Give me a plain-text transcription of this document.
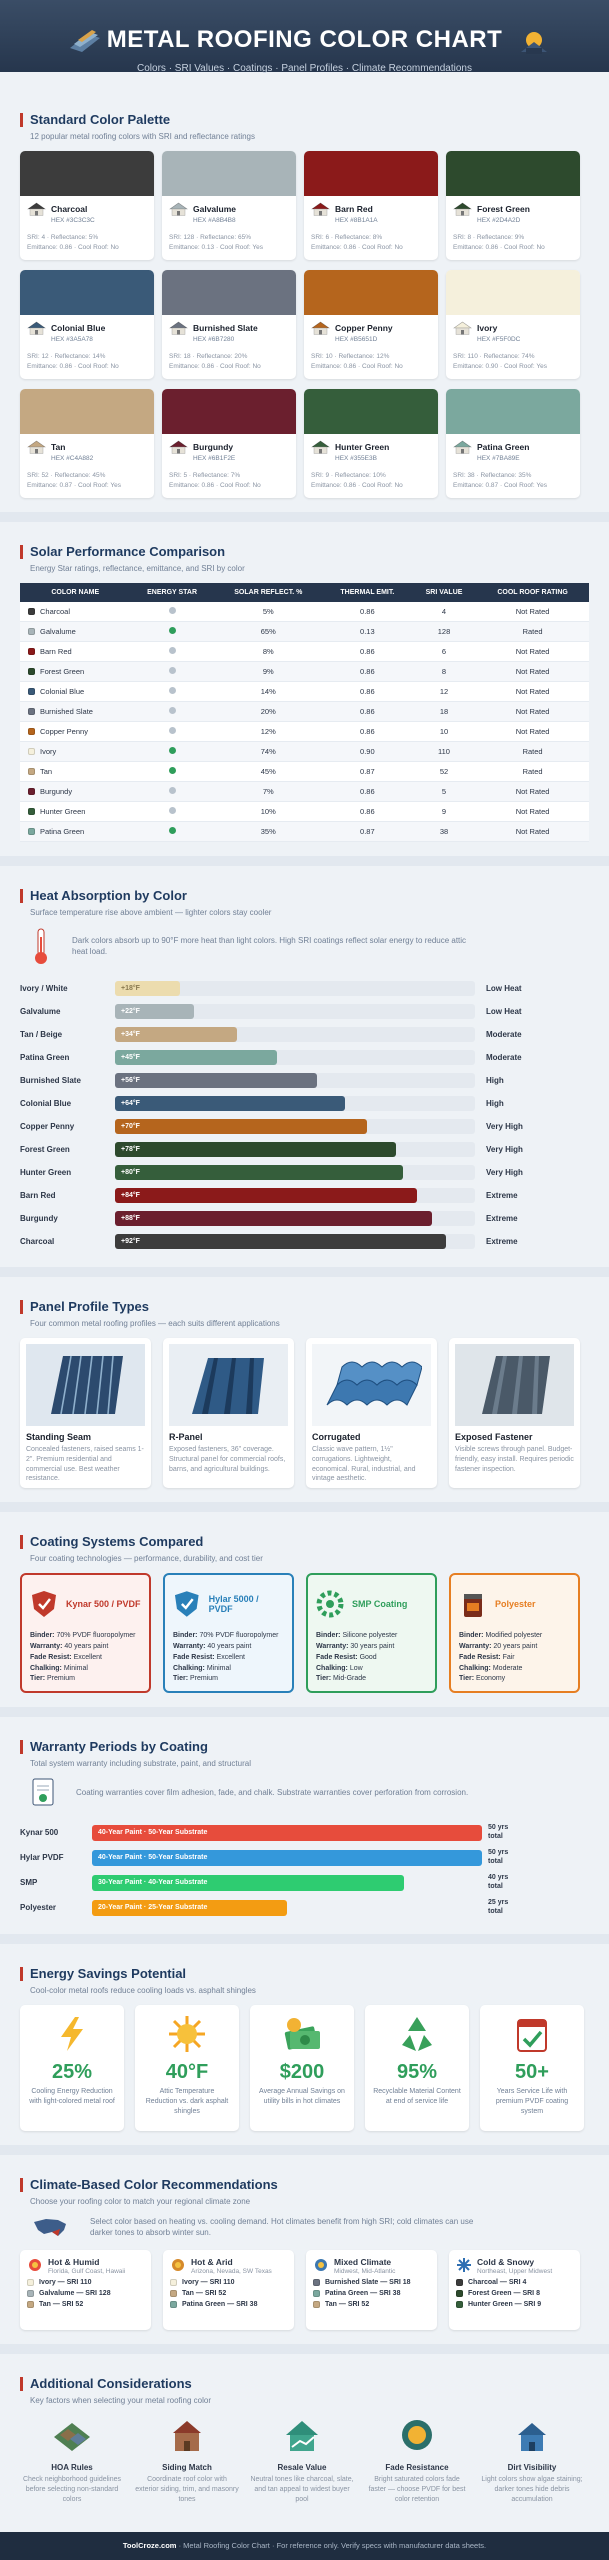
METAL ROOFING COLOR CHART
Colors · SRI Values · Coatings · Panel Profiles · Climate Recommendations
Standard Color Palette
12 popular metal roofing colors with SRI and reflectance ratings
Charcoal
HEX #3C3C3C
SRI: 4 · Reflectance: 5%
Emittance: 0.86 · Cool Roof: No
Galvalume
HEX #A8B4B8
SRI: 128 · Reflectance: 65%
Emittance: 0.13 · Cool Roof: Yes
Barn Red
HEX #8B1A1A
SRI: 6 · Reflectance: 8%
Emittance: 0.86 · Cool Roof: No
Forest Green
HEX #2D4A2D
SRI: 8 · Reflectance: 9%
Emittance: 0.86 · Cool Roof: No
Colonial Blue
HEX #3A5A78
SRI: 12 · Reflectance: 14%
Emittance: 0.86 · Cool Roof: No
Burnished Slate
HEX #6B7280
SRI: 18 · Reflectance: 20%
Emittance: 0.86 · Cool Roof: No
Copper Penny
HEX #B5651D
SRI: 10 · Reflectance: 12%
Emittance: 0.86 · Cool Roof: No
Ivory
HEX #F5F0DC
SRI: 110 · Reflectance: 74%
Emittance: 0.90 · Cool Roof: Yes
Tan
HEX #C4A882
SRI: 52 · Reflectance: 45%
Emittance: 0.87 · Cool Roof: Yes
Burgundy
HEX #6B1F2E
SRI: 5 · Reflectance: 7%
Emittance: 0.86 · Cool Roof: No
Hunter Green
HEX #355E3B
SRI: 9 · Reflectance: 10%
Emittance: 0.86 · Cool Roof: No
Patina Green
HEX #7BA89E
SRI: 38 · Reflectance: 35%
Emittance: 0.87 · Cool Roof: Yes
Solar Performance Comparison
Energy Star ratings, reflectance, emittance, and SRI by color
COLOR NAME	ENERGY STAR	SOLAR REFLECT. %	THERMAL EMIT.	SRI VALUE	COOL ROOF RATING
Charcoal		5%	0.86	4	Not Rated
Galvalume		65%	0.13	128	Rated
Barn Red		8%	0.86	6	Not Rated
Forest Green		9%	0.86	8	Not Rated
Colonial Blue		14%	0.86	12	Not Rated
Burnished Slate		20%	0.86	18	Not Rated
Copper Penny		12%	0.86	10	Not Rated
Ivory		74%	0.90	110	Rated
Tan		45%	0.87	52	Rated
Burgundy		7%	0.86	5	Not Rated
Hunter Green		10%	0.86	9	Not Rated
Patina Green		35%	0.87	38	Not Rated
Heat Absorption by Color
Surface temperature rise above ambient — lighter colors stay cooler

Dark colors absorb up to 90°F more heat than light colors. High SRI coatings reflect solar energy to reduce attic heat load.

Ivory / White	+18°F	Low Heat
Galvalume	+22°F	Low Heat
Tan / Beige	+34°F	Moderate
Patina Green	+45°F	Moderate
Burnished Slate	+56°F	High
Colonial Blue	+64°F	High
Copper Penny	+70°F	Very High
Forest Green	+78°F	Very High
Hunter Green	+80°F	Very High
Barn Red	+84°F	Extreme
Burgundy	+88°F	Extreme
Charcoal	+92°F	Extreme
Panel Profile Types
Four common metal roofing profiles — each suits different applications
Standing Seam

Concealed fasteners, raised seams 1-2". Premium residential and commercial use. Best weather resistance.

R-Panel

Exposed fasteners, 36" coverage. Structural panel for commercial roofs, barns, and agricultural buildings.

Corrugated

Classic wave pattern, 1½" corrugations. Lightweight, economical. Rural, industrial, and vintage aesthetic.

Exposed Fastener

Visible screws through panel. Budget-friendly, easy install. Requires periodic fastener inspection.

Coating Systems Compared
Four coating technologies — performance, durability, and cost tier
Kynar 500 / PVDF
Binder: 70% PVDF fluoropolymer
Warranty: 40 years paint
Fade Resist: Excellent
Chalking: Minimal
Tier: Premium
Hylar 5000 / PVDF
Binder: 70% PVDF fluoropolymer
Warranty: 40 years paint
Fade Resist: Excellent
Chalking: Minimal
Tier: Premium
SMP Coating
Binder: Silicone polyester
Warranty: 30 years paint
Fade Resist: Good
Chalking: Low
Tier: Mid-Grade
Polyester
Binder: Modified polyester
Warranty: 20 years paint
Fade Resist: Fair
Chalking: Moderate
Tier: Economy
Warranty Periods by Coating
Total system warranty including substrate, paint, and structural

Coating warranties cover film adhesion, fade, and chalk. Substrate warranties cover perforation from corrosion.

Kynar 500	40-Year Paint · 50-Year Substrate
50 yrs
total
Hylar PVDF	40-Year Paint · 50-Year Substrate
50 yrs
total
SMP	30-Year Paint · 40-Year Substrate
40 yrs
total
Polyester	20-Year Paint · 25-Year Substrate
25 yrs
total
Energy Savings Potential
Cool-color metal roofs reduce cooling loads vs. asphalt shingles
25%

Cooling Energy Reduction with light-colored metal roof

40°F

Attic Temperature Reduction vs. dark asphalt shingles

$200

Average Annual Savings on utility bills in hot climates

95%

Recyclable Material Content at end of service life

50+

Years Service Life with premium PVDF coating system

Climate-Based Color Recommendations
Choose your roofing color to match your regional climate zone

Select color based on heating vs. cooling demand. Hot climates benefit from high SRI; cold climates can use darker tones to absorb winter sun.

Hot & Humid
Florida, Gulf Coast, Hawaii
Ivory — SRI 110
Galvalume — SRI 128
Tan — SRI 52
Hot & Arid
Arizona, Nevada, SW Texas
Ivory — SRI 110
Tan — SRI 52
Patina Green — SRI 38
Mixed Climate
Midwest, Mid-Atlantic
Burnished Slate — SRI 18
Patina Green — SRI 38
Tan — SRI 52
Cold & Snowy
Northeast, Upper Midwest
Charcoal — SRI 4
Forest Green — SRI 8
Hunter Green — SRI 9
Additional Considerations
Key factors when selecting your metal roofing color
HOA Rules

Check neighborhood guidelines before selecting non-standard colors

Siding Match

Coordinate roof color with exterior siding, trim, and masonry tones

Resale Value

Neutral tones like charcoal, slate, and tan appeal to widest buyer pool

Fade Resistance

Bright saturated colors fade faster — choose PVDF for best color retention

Dirt Visibility

Light colors show algae staining; darker tones hide debris accumulation

ToolCroze.com · Metal Roofing Color Chart · For reference only. Verify specs with manufacturer data sheets.
